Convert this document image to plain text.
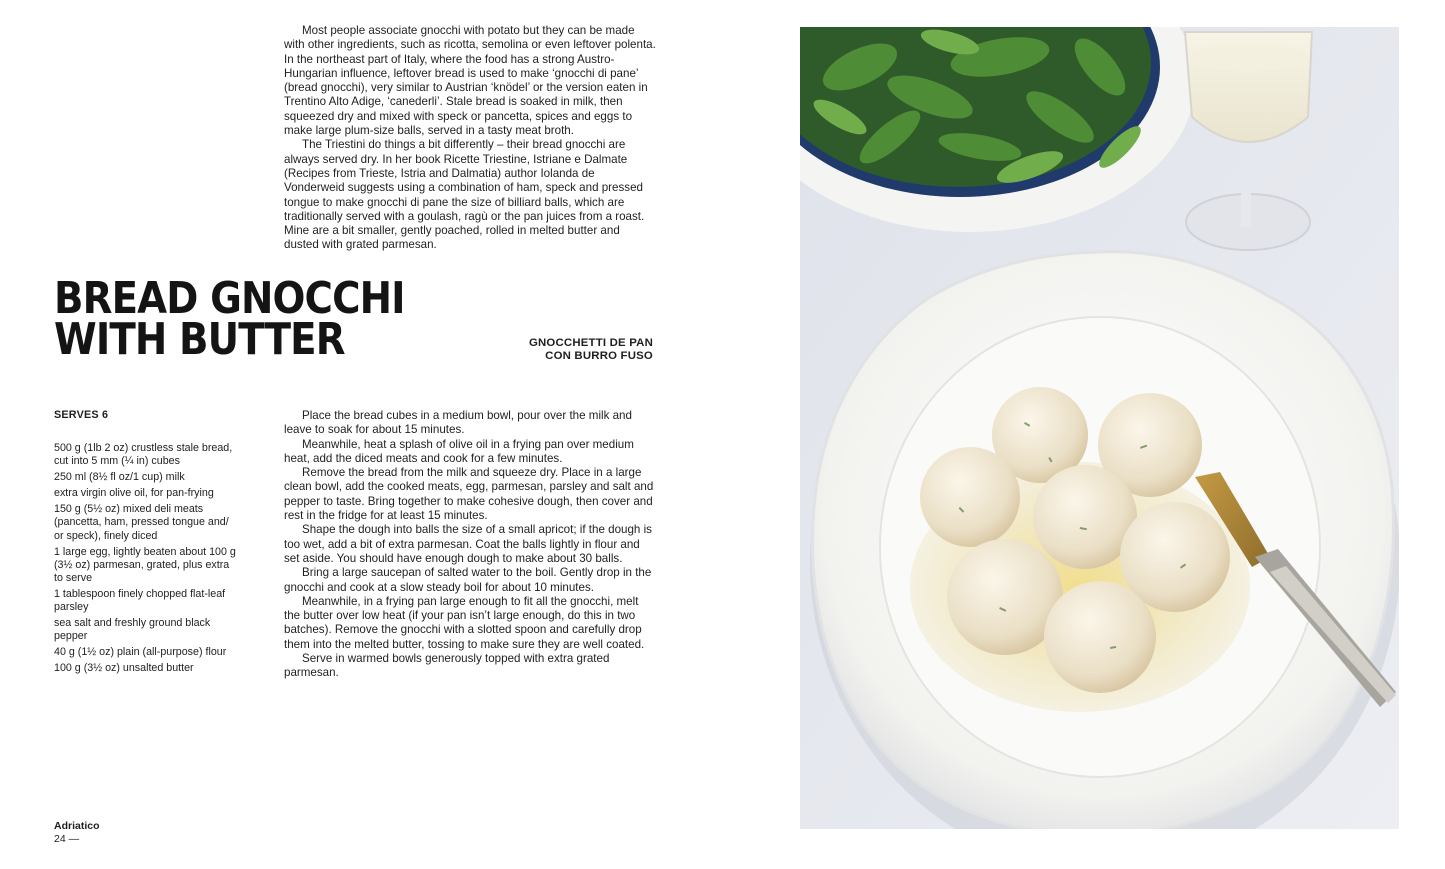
Most people associate gnocchi with potato but they can be made with other ingredients, such as ricotta, semolina or even leftover polenta. In the northeast part of Italy, where the food has a strong Austro-Hungarian influence, leftover bread is used to make ‘gnocchi di pane’ (bread gnocchi), very similar to Austrian ‘knödel’ or the version eaten in Trentino Alto Adige, ‘canederli’. Stale bread is soaked in milk, then squeezed dry and mixed with speck or pancetta, spices and eggs to make large plum-size balls, served in a tasty meat broth.

The Triestini do things a bit differently – their bread gnocchi are always served dry. In her book Ricette Triestine, Istriane e Dalmate (Recipes from Trieste, Istria and Dalmatia) author Iolanda de Vonderweid suggests using a combination of ham, speck and pressed tongue to make gnocchi di pane the size of billiard balls, which are traditionally served with a goulash, ragù or the pan juices from a roast. Mine are a bit smaller, gently poached, rolled in melted butter and dusted with grated parmesan.

BREAD GNOCCHI
WITH BUTTER	GNOCCHETTI DE PAN
CON BURRO FUSO
SERVES 6
500 g (1lb 2 oz) crustless stale bread, cut into 5 mm (¼ in) cubes
250 ml (8½ fl oz/1 cup) milk
extra virgin olive oil, for pan-frying
150 g (5½ oz) mixed deli meats (pancetta, ham, pressed tongue and/ or speck), finely diced
1 large egg, lightly beaten about 100 g (3½ oz) parmesan, grated, plus extra to serve
1 tablespoon finely chopped flat-leaf parsley
sea salt and freshly ground black pepper
40 g (1½ oz) plain (all-purpose) flour
100 g (3½ oz) unsalted butter

Place the bread cubes in a medium bowl, pour over the milk and leave to soak for about 15 minutes.

Meanwhile, heat a splash of olive oil in a frying pan over medium heat, add the diced meats and cook for a few minutes.

Remove the bread from the milk and squeeze dry. Place in a large clean bowl, add the cooked meats, egg, parmesan, parsley and salt and pepper to taste. Bring together to make cohesive dough, then cover and rest in the fridge for at least 15 minutes.

Shape the dough into balls the size of a small apricot; if the dough is too wet, add a bit of extra parmesan. Coat the balls lightly in flour and set aside. You should have enough dough to make about 30 balls.

Bring a large saucepan of salted water to the boil. Gently drop in the gnocchi and cook at a slow steady boil for about 10 minutes.

Meanwhile, in a frying pan large enough to fit all the gnocchi, melt the butter over low heat (if your pan isn’t large enough, do this in two batches). Remove the gnocchi with a slotted spoon and carefully drop them into the melted butter, tossing to make sure they are well coated.

Serve in warmed bowls generously topped with extra grated parmesan.

Adriatico
24 —
